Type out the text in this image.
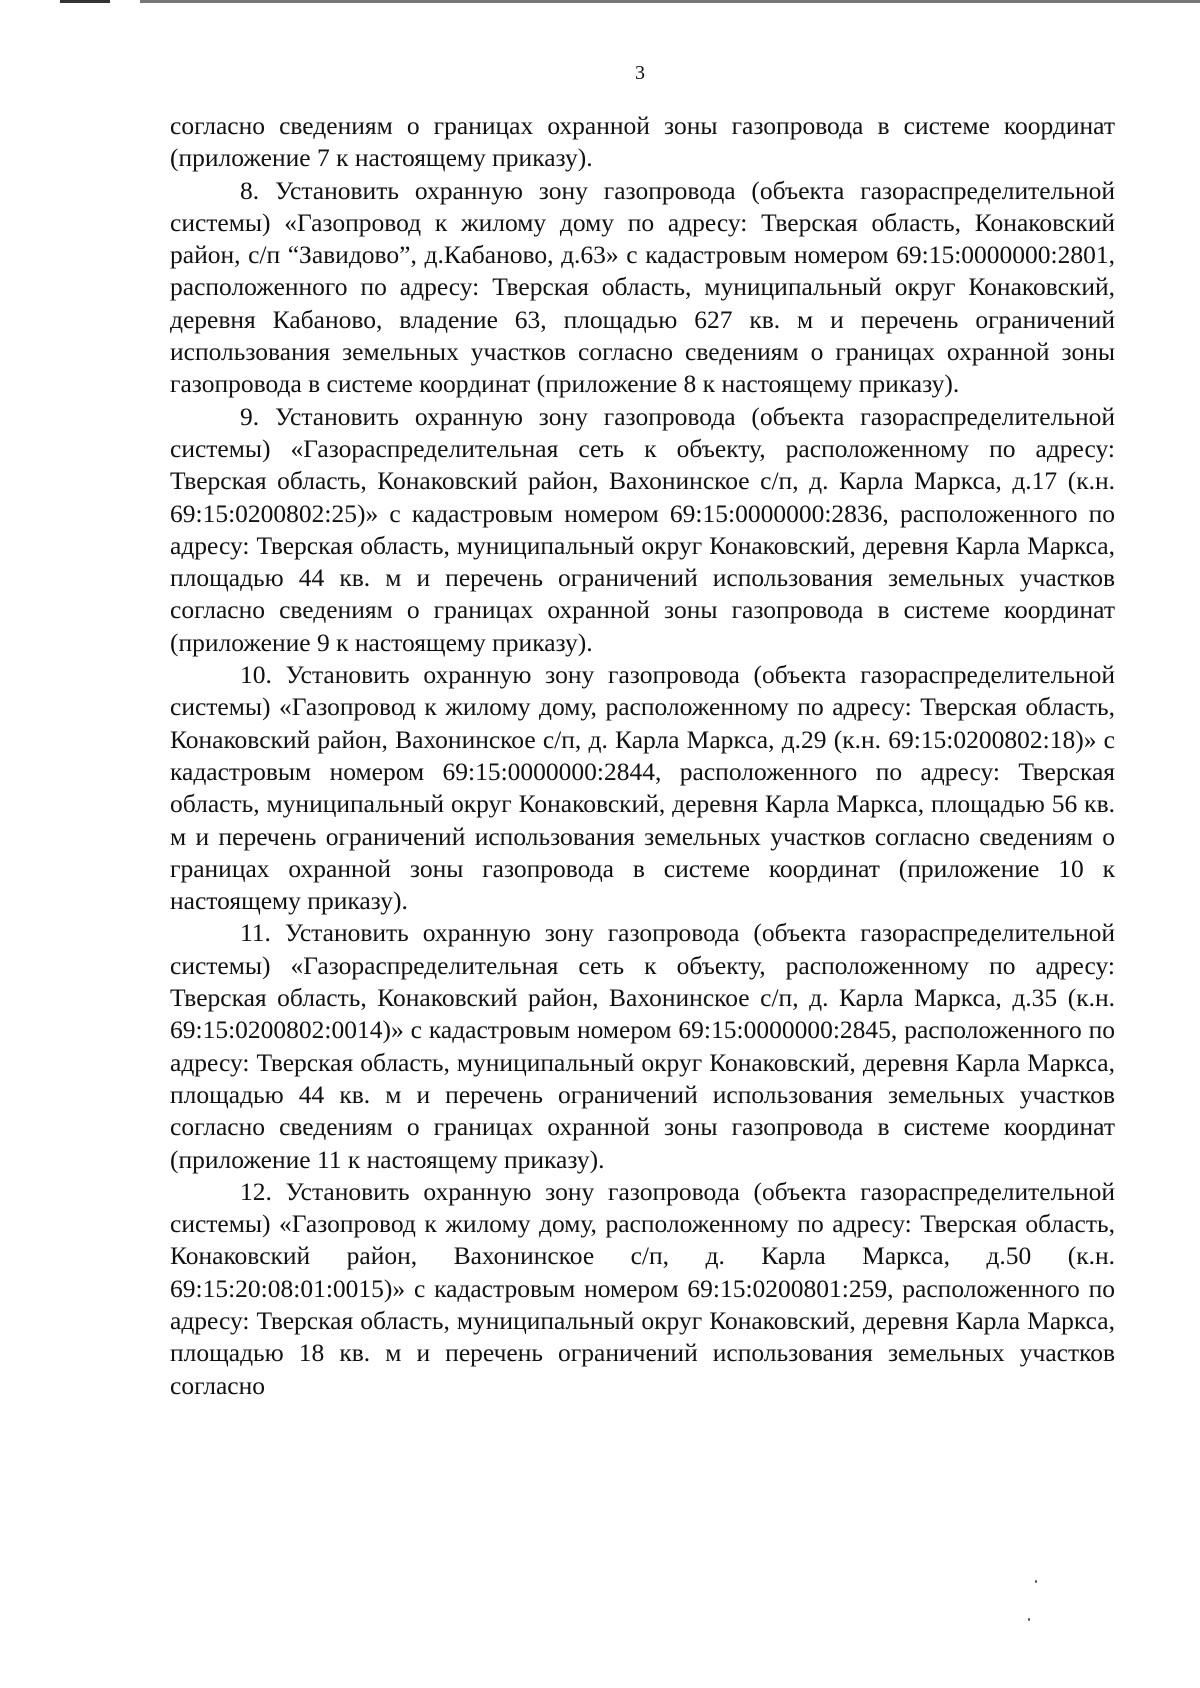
3

согласно сведениям о границах охранной зоны газопровода в системе координат (приложение 7 к настоящему приказу).

8. Установить охранную зону газопровода (объекта газораспределительной системы) «Газопровод к жилому дому по адресу: Тверская область, Конаковский район, с/п “Завидово”, д.Кабаново, д.63» с кадастровым номером 69:15:0000000:2801, расположенного по адресу: Тверская область, муниципальный округ Конаковский, деревня Кабаново, владение 63, площадью 627 кв. м и перечень ограничений использования земельных участков согласно сведениям о границах охранной зоны газопровода в системе координат (приложение 8 к настоящему приказу).

9. Установить охранную зону газопровода (объекта газораспределительной системы) «Газораспределительная сеть к объекту, расположенному по адресу: Тверская область, Конаковский район, Вахонинское с/п, д. Карла Маркса, д.17 (к.н. 69:15:0200802:25)» с кадастровым номером 69:15:0000000:2836, расположенного по адресу: Тверская область, муниципальный округ Конаковский, деревня Карла Маркса, площадью 44 кв. м и перечень ограничений использования земельных участков согласно сведениям о границах охранной зоны газопровода в системе координат (приложение 9 к настоящему приказу).

10. Установить охранную зону газопровода (объекта газораспределительной системы) «Газопровод к жилому дому, расположенному по адресу: Тверская область, Конаковский район, Вахонинское с/п, д. Карла Маркса, д.29 (к.н. 69:15:0200802:18)» с кадастровым номером 69:15:0000000:2844, расположенного по адресу: Тверская область, муниципальный округ Конаковский, деревня Карла Маркса, площадью 56 кв. м и перечень ограничений использования земельных участков согласно сведениям о границах охранной зоны газопровода в системе координат (приложение 10 к настоящему приказу).

11. Установить охранную зону газопровода (объекта газораспределительной системы) «Газораспределительная сеть к объекту, расположенному по адресу: Тверская область, Конаковский район, Вахонинское с/п, д. Карла Маркса, д.35 (к.н. 69:15:0200802:0014)» с кадастровым номером 69:15:0000000:2845, расположенного по адресу: Тверская область, муниципальный округ Конаковский, деревня Карла Маркса, площадью 44 кв. м и перечень ограничений использования земельных участков согласно сведениям о границах охранной зоны газопровода в системе координат (приложение 11 к настоящему приказу).

12. Установить охранную зону газопровода (объекта газораспределительной системы) «Газопровод к жилому дому, расположенному по адресу: Тверская область, Конаковский район, Вахонинское с/п, д. Карла Маркса, д.50 (к.н. 69:15:20:08:01:0015)» с кадастровым номером 69:15:0200801:259, расположенного по адресу: Тверская область, муниципальный округ Конаковский, деревня Карла Маркса, площадью 18 кв. м и перечень ограничений использования земельных участков согласно
